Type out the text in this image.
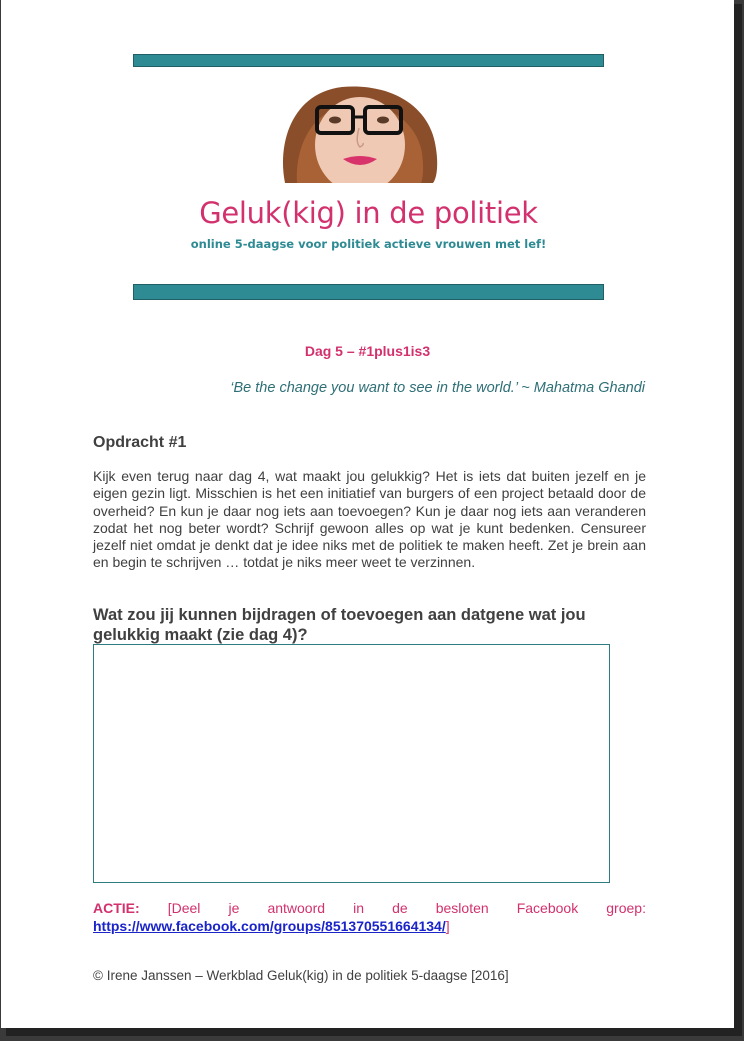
Geluk(kig) in de politiek
online 5-daagse voor politiek actieve vrouwen met lef!
Dag 5 – #1plus1is3
‘Be the change you want to see in the world.’ ~ Mahatma Ghandi
Opdracht #1
Kijk even terug naar dag 4, wat maakt jou gelukkig? Het is iets dat buiten jezelf en je eigen gezin ligt. Misschien is het een initiatief van burgers of een project betaald door de overheid? En kun je daar nog iets aan toevoegen? Kun je daar nog iets aan veranderen zodat het nog beter wordt? Schrijf gewoon alles op wat je kunt bedenken. Censureer jezelf niet omdat je denkt dat je idee niks met de politiek te maken heeft. Zet je brein aan en begin te schrijven … totdat je niks meer weet te verzinnen.
Wat zou jij kunnen bijdragen of toevoegen aan datgene wat jou gelukkig maakt (zie dag 4)?
ACTIE: [Deel je antwoord in de besloten Facebook groep:
https://www.facebook.com/groups/851370551664134/]
© Irene Janssen – Werkblad Geluk(kig) in de politiek 5-daagse [2016]
